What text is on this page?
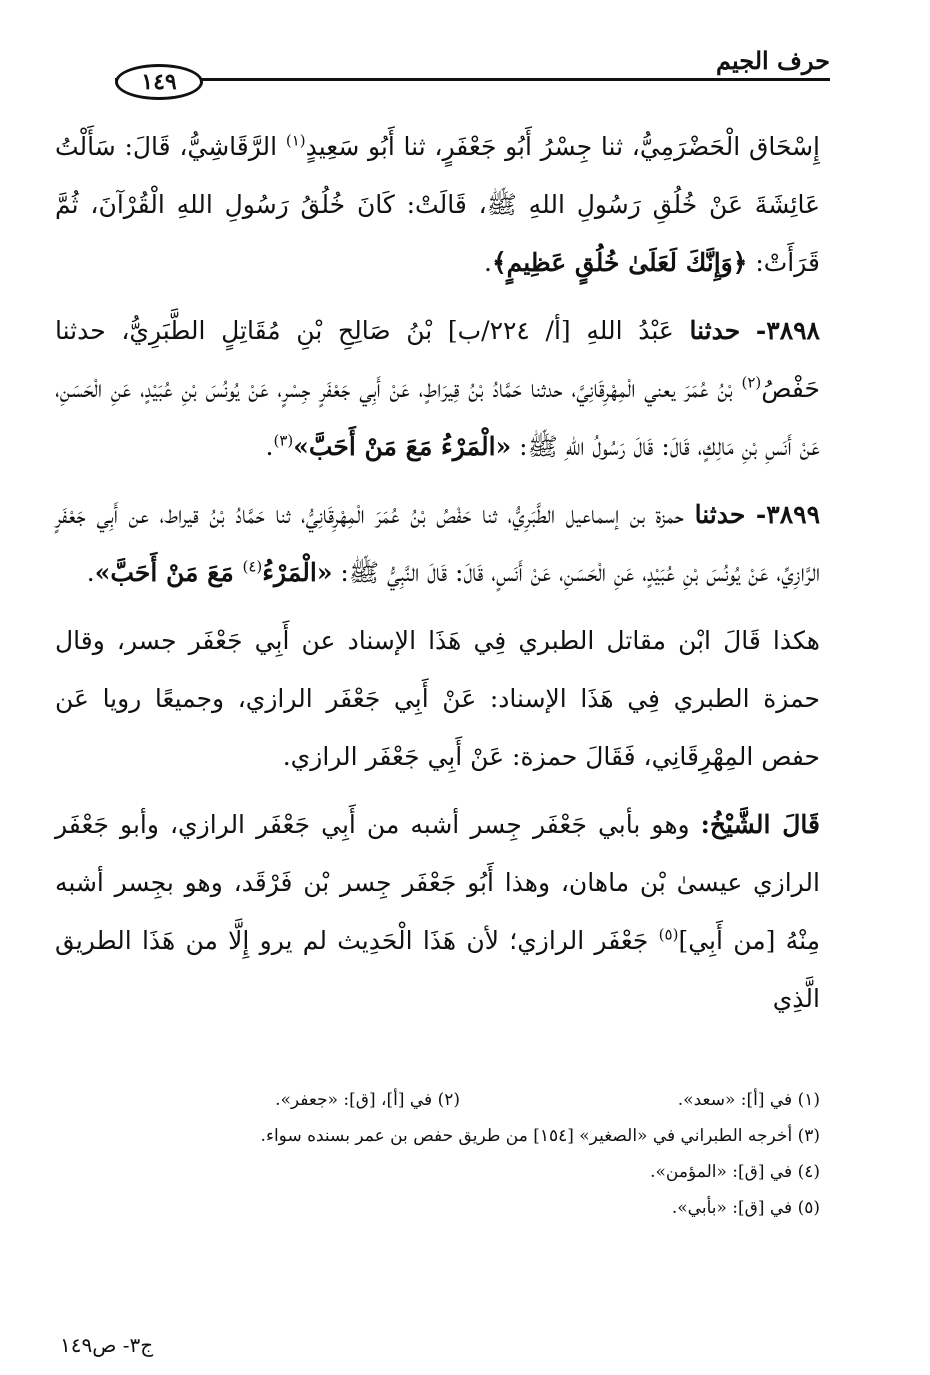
حرف الجيم
١٤٩

إِسْحَاق الْحَضْرَمِيُّ، ثنا جِسْرُ أَبُو جَعْفَرٍ، ثنا أَبُو سَعِيدٍ$^{(١)}$ الرَّقَاشِيُّ، قَالَ: سَأَلْتُ عَائِشَةَ عَنْ خُلُقِ رَسُولِ اللهِ ﷺ، قَالَتْ: كَانَ خُلُقُ رَسُولِ اللهِ الْقُرْآنَ، ثُمَّ قَرَأَتْ: ﴿وَإِنَّكَ لَعَلَىٰ خُلُقٍ عَظِيمٍ﴾.

٣٨٩٨- حدثنا عَبْدُ اللهِ [أ/ ٢٢٤/ب] بْنُ صَالِحِ بْنِ مُقَاتِلٍ الطَّبَرِيُّ، حدثنا حَفْصُ$^{(٢)}$ بْنُ عُمَرَ يعني الْمِهْرِقَانِيَّ، حدثنا حَمَّادُ بْنُ قِيرَاطٍ، عَنْ أَبِي جَعْفَرٍ جِسْرٍ، عَنْ يُونُسَ بْنِ عُبَيْدٍ، عَنِ الْحَسَنِ، عَنْ أَنَسِ بْنِ مَالِكٍ، قَالَ: قَالَ رَسُولُ اللهِ ﷺ: «الْمَرْءُ مَعَ مَنْ أَحَبَّ»$^{(٣)}$.

٣٨٩٩- حدثنا حمزة بن إسماعيل الطَّبَرِيُّ، ثنا حَفْصُ بْنُ عُمَرَ الْمِهْرِقَانِيُّ، ثنا حَمَّادُ بْنُ قيراط، عن أَبِي جَعْفَرٍ الرَّازِيِّ، عَنْ يُونُسَ بْنِ عُبَيْدٍ، عَنِ الْحَسَنِ، عَنْ أَنَسٍ، قَالَ: قَالَ النَّبِيُّ ﷺ: «الْمَرْءُ$^{(٤)}$ مَعَ مَنْ أَحَبَّ».

هكذا قَالَ ابْن مقاتل الطبري فِي هَذَا الإسناد عن أَبِي جَعْفَر جسر، وقال حمزة الطبري فِي هَذَا الإسناد: عَنْ أَبِي جَعْفَر الرازي، وجميعًا رويا عَن حفص المِهْرِقَانِي، فَقَالَ حمزة: عَنْ أَبِي جَعْفَر الرازي.

قَالَ الشَّيْخُ: وهو بأبي جَعْفَر جِسر أشبه من أَبِي جَعْفَر الرازي، وأبو جَعْفَر الرازي عيسىٰ بْن ماهان، وهذا أَبُو جَعْفَر جِسر بْن فَرْقَد، وهو بجِسر أشبه مِنْهُ [من أَبِي]$^{(٥)}$ جَعْفَر الرازي؛ لأن هَذَا الْحَدِيث لم يرو إِلَّا من هَذَا الطريق الَّذِي

(١) في [أ]: «سعد».
(٢) في [أ]، [ق]: «جعفر».
(٣) أخرجه الطبراني في «الصغير» [١٥٤] من طريق حفص بن عمر بسنده سواء.
(٤) في [ق]: «المؤمن».
(٥) في [ق]: «بأبي».
ج٣- ص١٤٩
